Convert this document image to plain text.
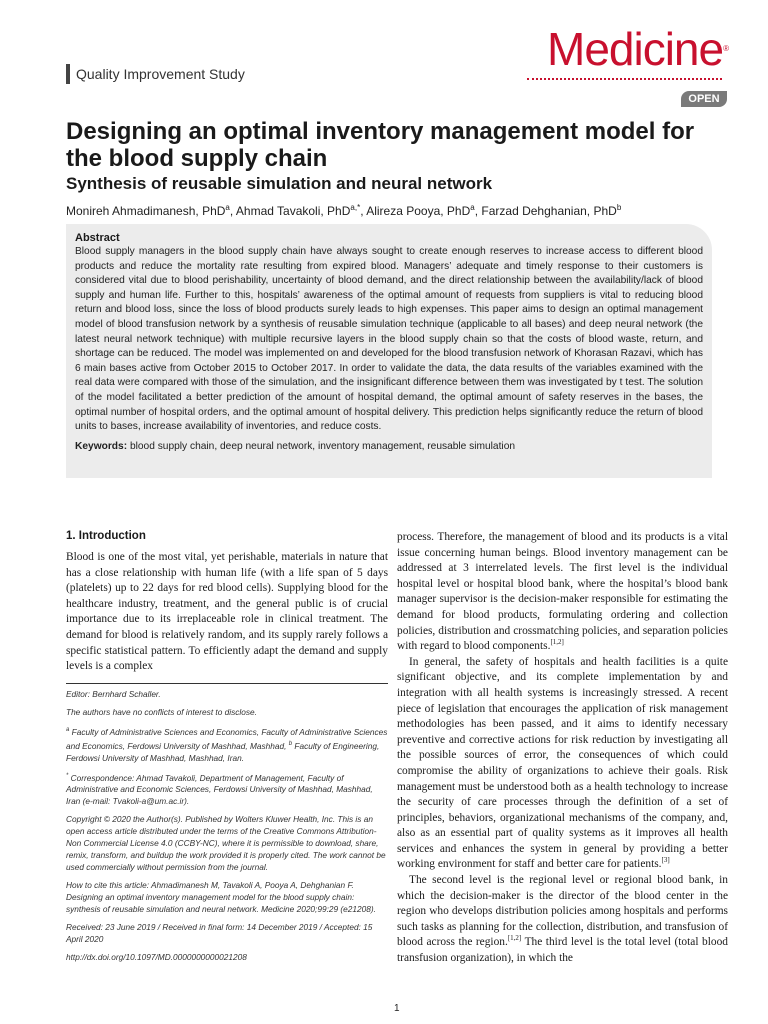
Quality Improvement Study	Medicine®
OPEN
Designing an optimal inventory management model for the blood supply chain
Synthesis of reusable simulation and neural network
Monireh Ahmadimanesh, PhD$^a$, Ahmad Tavakoli, PhD$^{a,*}$, Alireza Pooya, PhD$^a$, Farzad Dehghanian, PhD$^b$
Abstract

Blood supply managers in the blood supply chain have always sought to create enough reserves to increase access to different blood products and reduce the mortality rate resulting from expired blood. Managers’ adequate and timely response to their customers is considered vital due to blood perishability, uncertainty of blood demand, and the direct relationship between the availability/lack of blood supply and human life. Further to this, hospitals’ awareness of the optimal amount of requests from suppliers is vital to reducing blood return and blood loss, since the loss of blood products surely leads to high expenses. This paper aims to design an optimal management model of blood transfusion network by a synthesis of reusable simulation technique (applicable to all bases) and deep neural network (the latest neural network technique) with multiple recursive layers in the blood supply chain so that the costs of blood waste, return, and shortage can be reduced. The model was implemented on and developed for the blood transfusion network of Khorasan Razavi, which has 6 main bases active from October 2015 to October 2017. In order to validate the data, the data results of the variables examined with the real data were compared with those of the simulation, and the insignificant difference between them was investigated by t test. The solution of the model facilitated a better prediction of the amount of hospital demand, the optimal amount of safety reserves in the bases, the optimal number of hospital orders, and the optimal amount of hospital delivery. This prediction helps significantly reduce the return of blood units to bases, increase availability of inventories, and reduce costs.

Keywords: blood supply chain, deep neural network, inventory management, reusable simulation
1. Introduction

Blood is one of the most vital, yet perishable, materials in nature that has a close relationship with human life (with a life span of 5 days (platelets) up to 22 days for red blood cells). Supplying blood for the healthcare industry, treatment, and the general public is of crucial importance due to its irreplaceable role in clinical treatment. The demand for blood is relatively random, and its supply rarely follows a specific statistical pattern. To efficiently adapt the demand and supply levels is a complex

Editor: Bernhard Schaller.

The authors have no conflicts of interest to disclose.

$^a$ Faculty of Administrative Sciences and Economics, Faculty of Administrative Sciences and Economics, Ferdowsi University of Mashhad, Mashhad, $^b$ Faculty of Engineering, Ferdowsi University of Mashhad, Mashhad, Iran.

* Correspondence: Ahmad Tavakoli, Department of Management, Faculty of Administrative and Economic Sciences, Ferdowsi University of Mashhad, Mashhad, Iran (e-mail: Tvakoli-a@um.ac.ir).

Copyright © 2020 the Author(s). Published by Wolters Kluwer Health, Inc. This is an open access article distributed under the terms of the Creative Commons Attribution-Non Commercial License 4.0 (CCBY-NC), where it is permissible to download, share, remix, transform, and buildup the work provided it is properly cited. The work cannot be used commercially without permission from the journal.

How to cite this article: Ahmadimanesh M, Tavakoli A, Pooya A, Dehghanian F. Designing an optimal inventory management model for the blood supply chain: synthesis of reusable simulation and neural network. Medicine 2020;99:29 (e21208).

Received: 23 June 2019 / Received in final form: 14 December 2019 / Accepted: 15 April 2020

http://dx.doi.org/10.1097/MD.0000000000021208

process. Therefore, the management of blood and its products is a vital issue concerning human beings. Blood inventory management can be addressed at 3 interrelated levels. The first level is the individual hospital level or hospital blood bank, where the hospital’s blood bank manager supervisor is the decision-maker responsible for estimating the demand for blood products, formulating ordering and collection policies, distribution and crossmatching policies, and separation policies with regard to blood components.[1,2]

In general, the safety of hospitals and health facilities is a quite significant objective, and its complete implementation by and integration with all health systems is increasingly stressed. A recent piece of legislation that encourages the application of risk management methodologies has been passed, and it aims to identify necessary preventive and corrective actions for risk reduction by investigating all the possible sources of error, the consequences of which could compromise the ability of organizations to achieve their goals. Risk management must be understood both as a health technology to increase the security of care processes through the definition of a set of principles, behaviors, organizational mechanisms of the company, and, also as an essential part of quality systems as it improves all health services and enhances the system in general by providing a better working environment for staff and better care for patients.[3]

The second level is the regional level or regional blood bank, in which the decision-maker is the director of the blood center in the region who develops distribution policies among hospitals and performs such tasks as planning for the collection, distribution, and transfusion of blood across the region.[1,2] The third level is the total level (total blood transfusion organization), in which the

1
